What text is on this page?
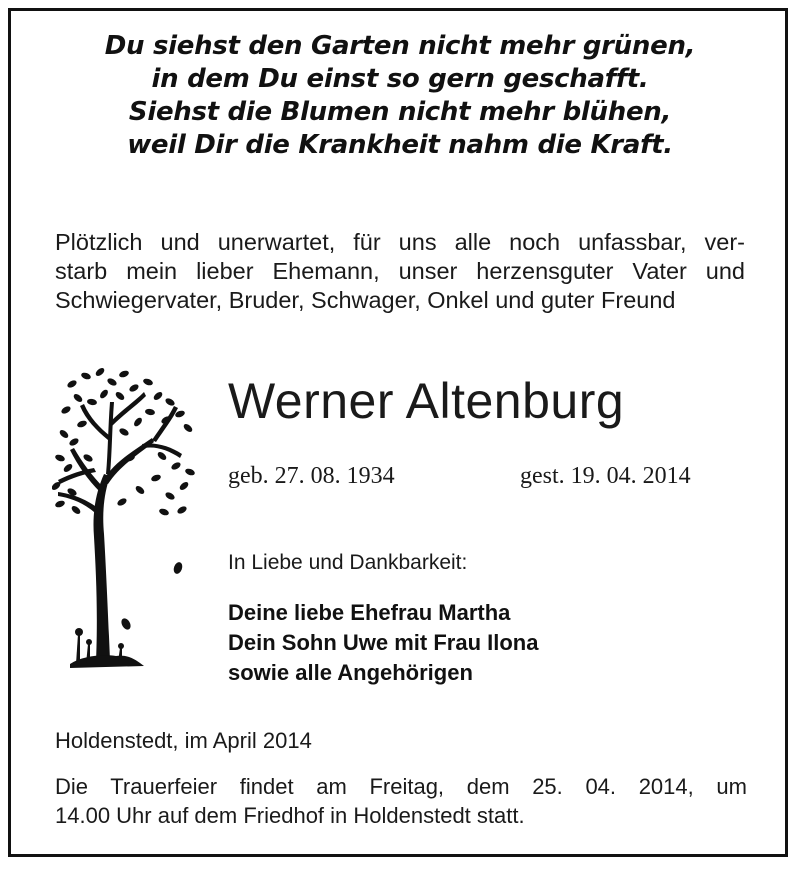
Du siehst den Garten nicht mehr grünen,
in dem Du einst so gern geschafft.
Siehst die Blumen nicht mehr blühen,
weil Dir die Krankheit nahm die Kraft.
Plötzlich und unerwartet, für uns alle noch unfassbar, ver-
starb mein lieber Ehemann, unser herzensguter Vater und
Schwiegervater, Bruder, Schwager, Onkel und guter Freund
Werner Altenburg
geb. 27. 08. 1934	gest. 19. 04. 2014
In Liebe und Dankbarkeit:
Deine liebe Ehefrau Martha
Dein Sohn Uwe mit Frau Ilona
sowie alle Angehörigen
Holdenstedt, im April 2014
Die Trauerfeier findet am Freitag, dem 25. 04. 2014, um
14.00 Uhr auf dem Friedhof in Holdenstedt statt.
